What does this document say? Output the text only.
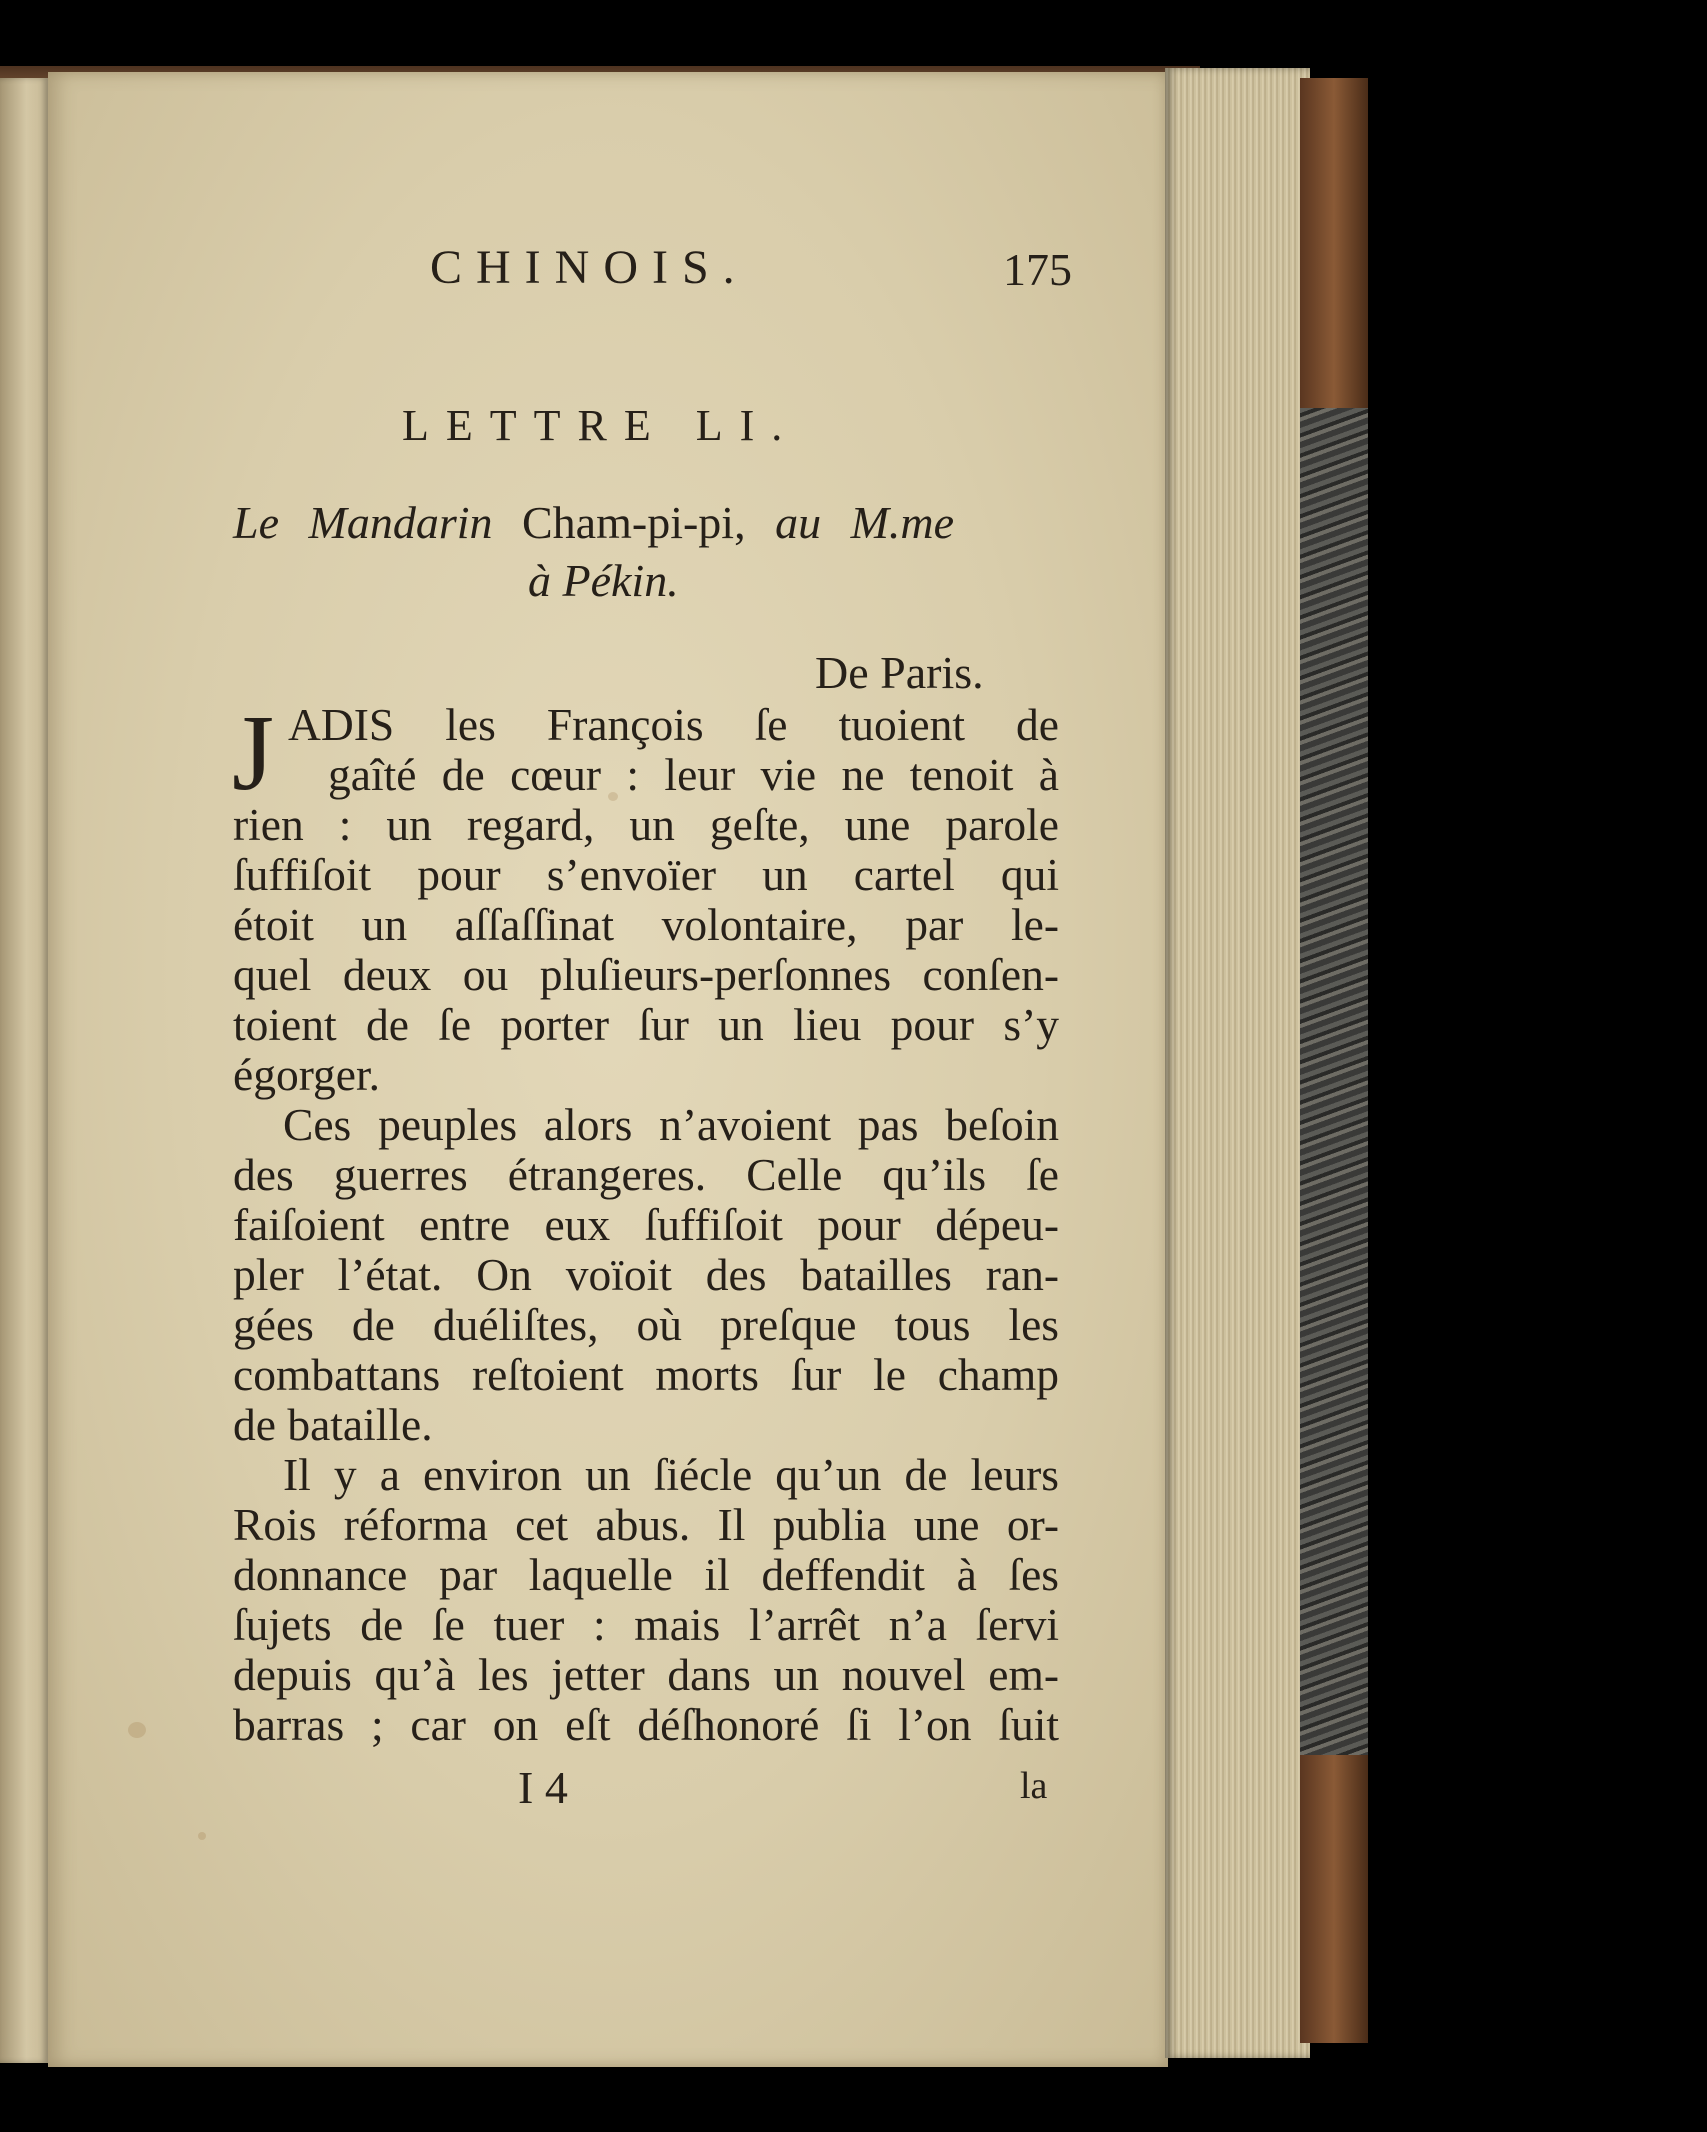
CHINOIS.	175
LETTRE LI.
Le Mandarin Cham-pi-pi, au M.me
à Pékin.
De Paris.
J ADIS les François ſe tuoient de
gaîté de cœur : leur vie ne tenoit à
rien : un regard, un geſte, une parole
ſuffiſoit pour s’envoïer un cartel qui
étoit un aſſaſſinat volontaire, par le-
quel deux ou pluſieurs-perſonnes conſen-
toient de ſe porter ſur un lieu pour s’y
égorger.
Ces peuples alors n’avoient pas beſoin
des guerres étrangeres. Celle qu’ils ſe
faiſoient entre eux ſuffiſoit pour dépeu-
pler l’état. On voïoit des batailles ran-
gées de duéliſtes, où preſque tous les
combattans reſtoient morts ſur le champ
de bataille.
Il y a environ un ſiécle qu’un de leurs
Rois réforma cet abus. Il publia une or-
donnance par laquelle il deffendit à ſes
ſujets de ſe tuer : mais l’arrêt n’a ſervi
depuis qu’à les jetter dans un nouvel em-
barras ; car on eſt déſhonoré ſi l’on ſuit
I 4	la
